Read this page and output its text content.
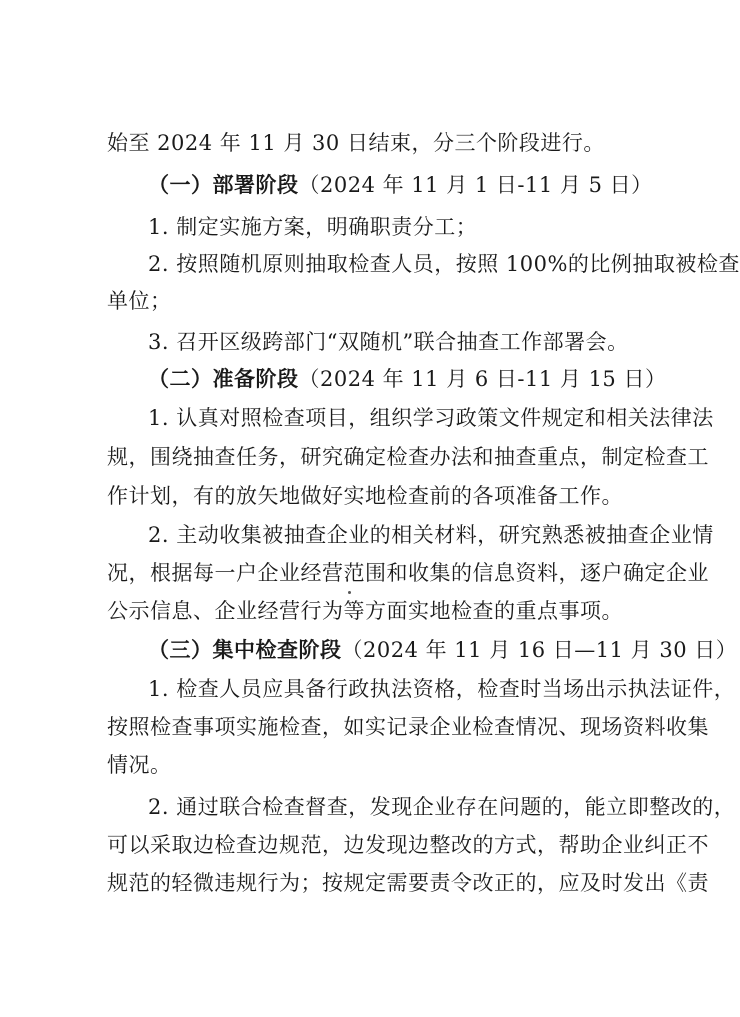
始至 2024 年 11 月 30 日结束，分三个阶段进行。
（一）部署阶段（2024 年 11 月 1 日-11 月 5 日）
1. 制定实施方案，明确职责分工；
2. 按照随机原则抽取检查人员，按照 100%的比例抽取被检查
单位；
3. 召开区级跨部门“双随机”联合抽查工作部署会。
（二）准备阶段（2024 年 11 月 6 日-11 月 15 日）
1. 认真对照检查项目，组织学习政策文件规定和相关法律法
规，围绕抽查任务，研究确定检查办法和抽查重点，制定检查工
作计划，有的放矢地做好实地检查前的各项准备工作。
2. 主动收集被抽查企业的相关材料，研究熟悉被抽查企业情
况，根据每一户企业经营范围和收集的信息资料，逐户确定企业
公示信息、企业经营行为等方面实地检查的重点事项。
（三）集中检查阶段（2024 年 11 月 16 日—11 月 30 日）
1. 检查人员应具备行政执法资格，检查时当场出示执法证件，
按照检查事项实施检查，如实记录企业检查情况、现场资料收集
情况。
2. 通过联合检查督查，发现企业存在问题的，能立即整改的，
可以采取边检查边规范，边发现边整改的方式，帮助企业纠正不
规范的轻微违规行为；按规定需要责令改正的，应及时发出《责
